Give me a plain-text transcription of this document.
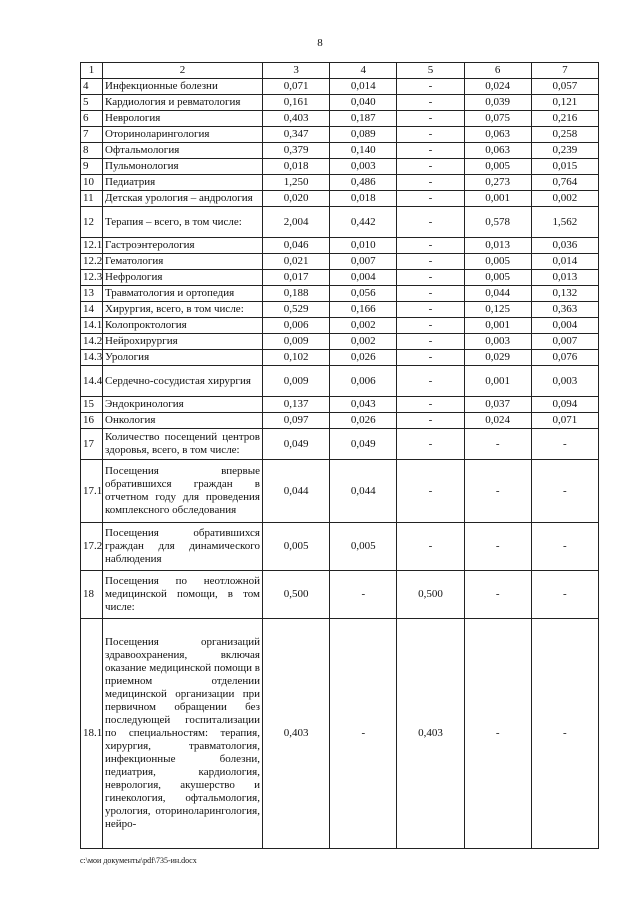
8
1	2	3	4	5	6	7
4	Инфекционные болезни	0,071	0,014	-	0,024	0,057
5	Кардиология и ревматология	0,161	0,040	-	0,039	0,121
6	Неврология	0,403	0,187	-	0,075	0,216
7	Оториноларингология	0,347	0,089	-	0,063	0,258
8	Офтальмология	0,379	0,140	-	0,063	0,239
9	Пульмонология	0,018	0,003	-	0,005	0,015
10	Педиатрия	1,250	0,486	-	0,273	0,764
11	Детская урология – андрология	0,020	0,018	-	0,001	0,002
12	Терапия – всего, в том числе:	2,004	0,442	-	0,578	1,562
12.1	Гастроэнтерология	0,046	0,010	-	0,013	0,036
12.2	Гематология	0,021	0,007	-	0,005	0,014
12.3	Нефрология	0,017	0,004	-	0,005	0,013
13	Травматология и ортопедия	0,188	0,056	-	0,044	0,132
14	Хирургия, всего, в том числе:	0,529	0,166	-	0,125	0,363
14.1	Колопроктология	0,006	0,002	-	0,001	0,004
14.2	Нейрохирургия	0,009	0,002	-	0,003	0,007
14.3	Урология	0,102	0,026	-	0,029	0,076
14.4	Сердечно-сосудистая хирургия	0,009	0,006	-	0,001	0,003
15	Эндокринология	0,137	0,043	-	0,037	0,094
16	Онкология	0,097	0,026	-	0,024	0,071
17	Количество посещений центров здоровья, всего, в том числе:	0,049	0,049	-	-	-
17.1	Посещения впервые обратившихся граждан в отчетном году для проведения комплексного обследования	0,044	0,044	-	-	-
17.2	Посещения обратившихся граждан для динамического наблюдения	0,005	0,005	-	-	-
18	Посещения по неотложной медицинской помощи, в том числе:	0,500	-	0,500	-	-
18.1	Посещения организаций здравоохранения, включая оказание медицинской помощи в приемном отделении медицинской организации при первичном обращении без последующей госпитализации по специальностям: терапия, хирургия, травматология, инфекционные болезни, педиатрия, кардиология, неврология, акушерство и гинекология, офтальмология, урология, оториноларингология, нейро-	0,403	-	0,403	-	-
c:\мои документы\pdf\735-ин.docx
